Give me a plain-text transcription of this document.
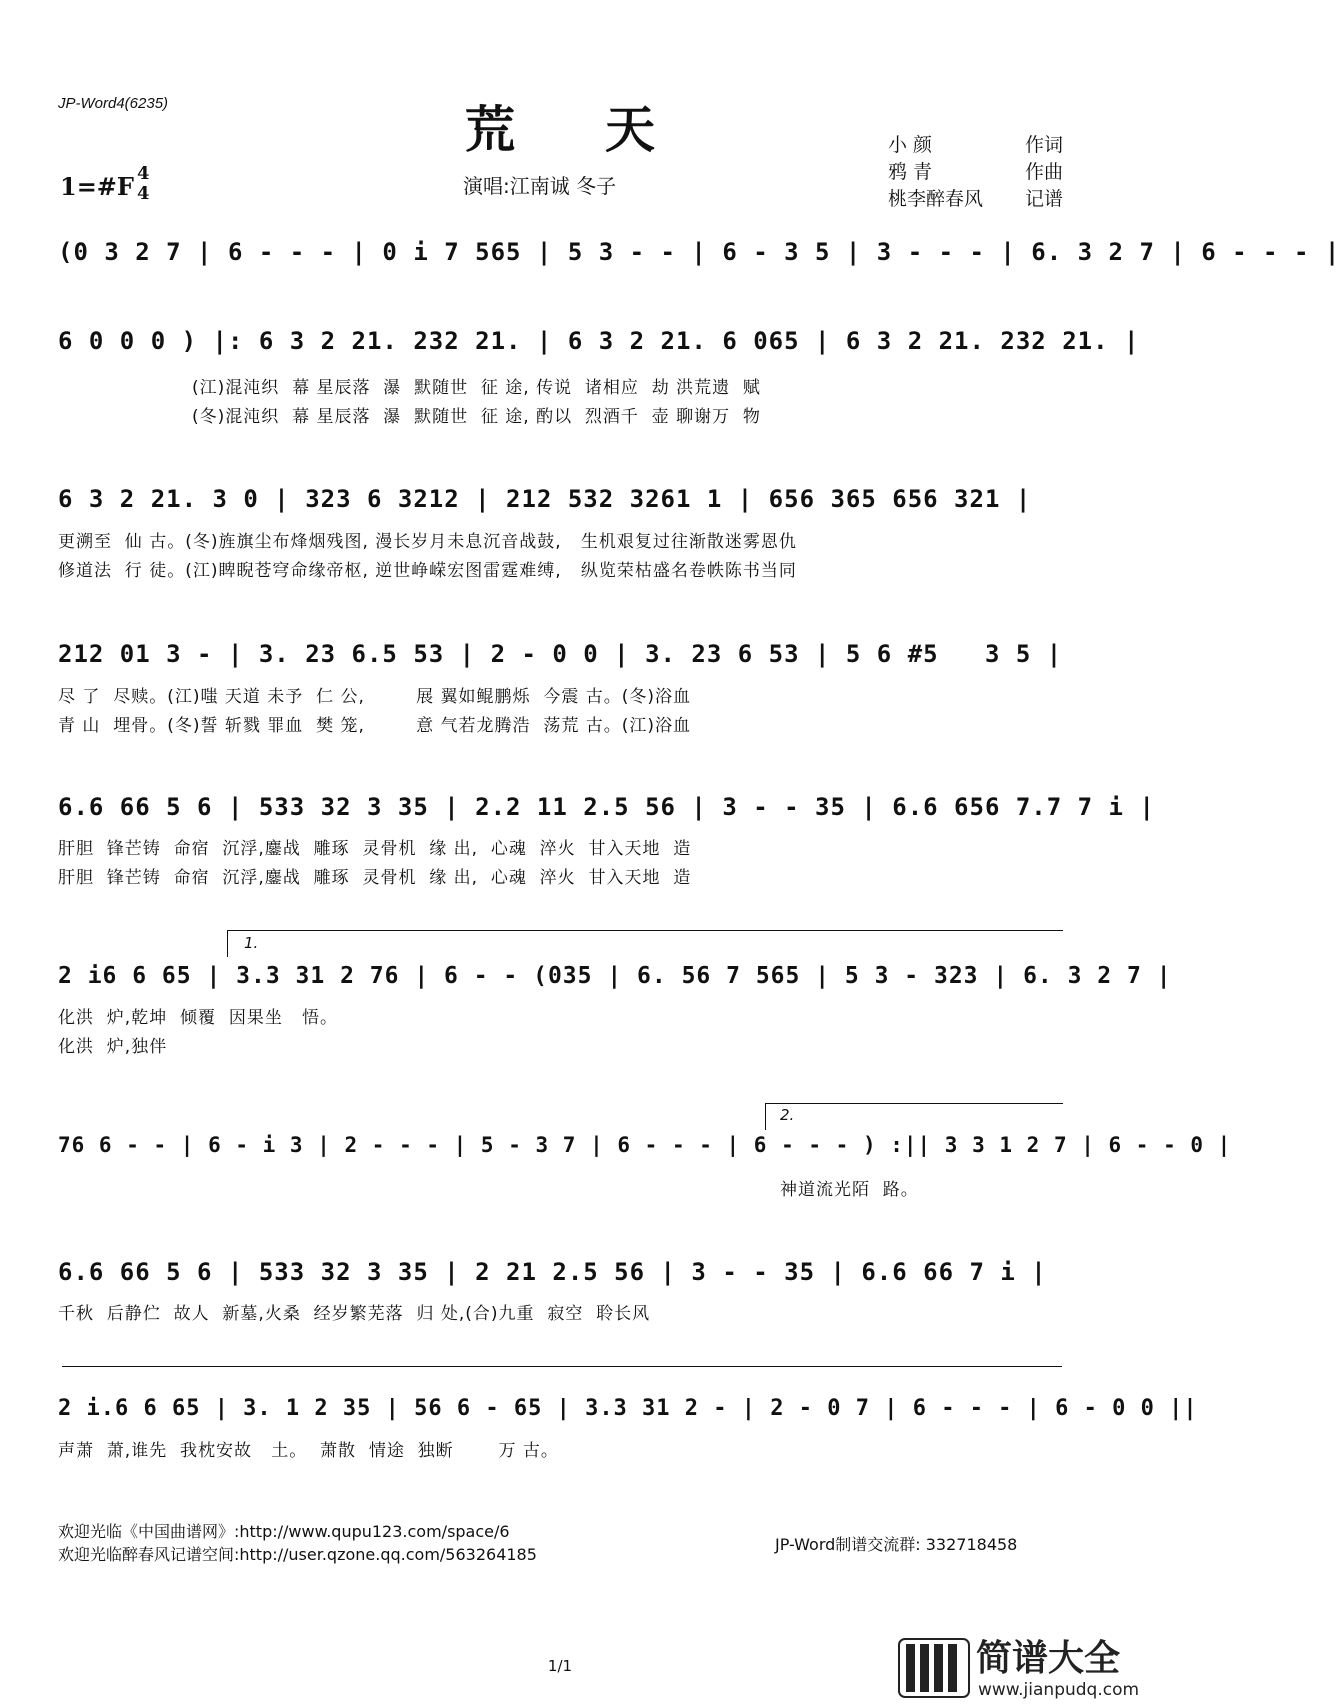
JP-Word4(6235)	荒天
1=#F 4
4	演唱:江南诚 冬子
小 颜	作词
鸦 青	作曲
桃李醉春风 记谱
(0 3 2 7 | 6 - - - | 0 i 7 565 | 5 3 - - | 6 - 3 5 | 3 - - - | 6. 3 2 7 | 6 - - - |
6 0 0 0 ) |: 6 3 2 21. 232 21. | 6 3 2 21. 6 065 | 6 3 2 21. 232 21. |
(江)混沌织  幕 星辰落  瀑  默随世  征 途, 传说  诸相应  劫 洪荒遗  赋
(冬)混沌织  幕 星辰落  瀑  默随世  征 途, 酌以  烈酒千  壶 聊谢万  物
6 3 2 21. 3 0 | 323 6 3212 | 212 532 3261 1 | 656 365 656 321 |
更溯至  仙 古。(冬)旌旗尘布烽烟残图, 漫长岁月未息沉音战鼓,   生机艰复过往渐散迷雾恩仇
修道法  行 徒。(江)睥睨苍穹命缘帝枢, 逆世峥嵘宏图雷霆难缚,   纵览荣枯盛名卷帙陈书当同
212 01 3 - | 3. 23 6.5 53 | 2 - 0 0 | 3. 23 6 53 | 5 6 #5   3 5 |
尽 了  尽赎。(江)嗤 天道 未予  仁 公,        展 翼如鲲鹏烁  今震 古。(冬)浴血
青 山  埋骨。(冬)誓 斩戮 罪血  樊 笼,        意 气若龙腾浩  荡荒 古。(江)浴血
6.6 66 5 6 | 533 32 3 35 | 2.2 11 2.5 56 | 3 - - 35 | 6.6 656 7.7 7 i |
肝胆  锋芒铸  命宿  沉浮,鏖战  雕琢  灵骨机  缘 出,  心魂  淬火  甘入天地  造
肝胆  锋芒铸  命宿  沉浮,鏖战  雕琢  灵骨机  缘 出,  心魂  淬火  甘入天地  造
1.
2 i6 6 65 | 3.3 31 2 76 | 6 - - (035 | 6. 56 7 565 | 5 3 - 323 | 6. 3 2 7 |
化洪  炉,乾坤  倾覆  因果坐   悟。
化洪  炉,独伴
2.
76 6 - - | 6 - i 3 | 2 - - - | 5 - 3 7 | 6 - - - | 6 - - - ) :|| 3 3 1 2 7 | 6 - - 0 |
神道流光陌  路。
6.6 66 5 6 | 533 32 3 35 | 2 21 2.5 56 | 3 - - 35 | 6.6 66 7 i |
千秋  后静伫  故人  新墓,火桑  经岁繁芜落  归 处,(合)九重  寂空  聆长风
2 i.6 6 65 | 3. 1 2 35 | 56 6 - 65 | 3.3 31 2 - | 2 - 0 7 | 6 - - - | 6 - 0 0 ||
声萧  萧,谁先  我枕安故   土。  萧散  情途  独断       万 古。
欢迎光临《中国曲谱网》:http://www.qupu123.com/space/6
欢迎光临醉春风记谱空间:http://user.qzone.qq.com/563264185
JP-Word制谱交流群: 332718458
1/1	简谱大全
www.jianpudq.com
